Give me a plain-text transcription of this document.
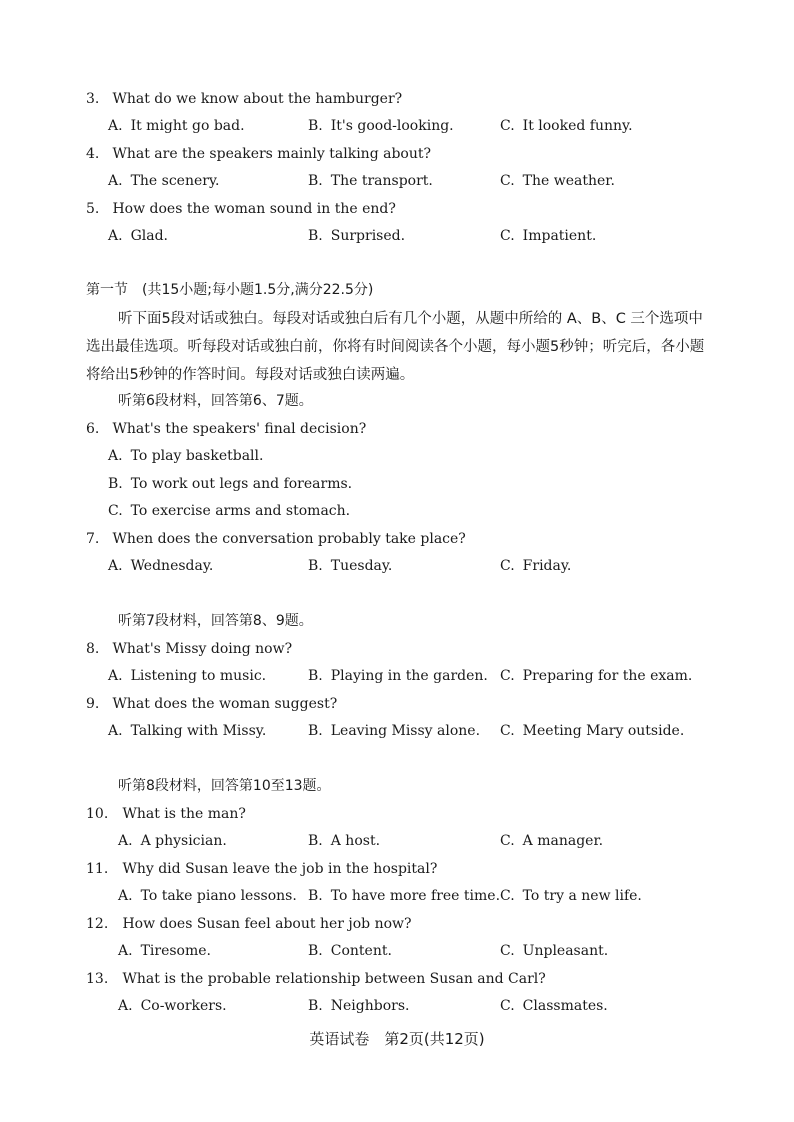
3. What do we know about the hamburger?
A. It might go bad.	B. It's good-looking.	C. It looked funny.
4. What are the speakers mainly talking about?
A. The scenery.	B. The transport.	C. The weather.
5. How does the woman sound in the end?
A. Glad.	B. Surprised.	C. Impatient.
第一节　(共15小题;每小题1.5分,满分22.5分)
听下面5段对话或独白。每段对话或独白后有几个小题，从题中所给的 A、B、C 三个选项中选出最佳选项。听每段对话或独白前，你将有时间阅读各个小题，每小题5秒钟；听完后，各小题将给出5秒钟的作答时间。每段对话或独白读两遍。
听第6段材料，回答第6、7题。
6. What's the speakers' final decision?
A. To play basketball.
B. To work out legs and forearms.
C. To exercise arms and stomach.
7. When does the conversation probably take place?
A. Wednesday.	B. Tuesday.	C. Friday.
听第7段材料，回答第8、9题。
8. What's Missy doing now?
A. Listening to music.	B. Playing in the garden. C. Preparing for the exam.
9. What does the woman suggest?
A. Talking with Missy.	B. Leaving Missy alone. C. Meeting Mary outside.
听第8段材料，回答第10至13题。
10. What is the man?
A. A physician.	B. A host.	C. A manager.
11. Why did Susan leave the job in the hospital?
A. To take piano lessons. B. To have more free time. C. To try a new life.
12. How does Susan feel about her job now?
A. Tiresome.	B. Content.	C. Unpleasant.
13. What is the probable relationship between Susan and Carl?
A. Co-workers.	B. Neighbors.	C. Classmates.
英语试卷　第2页(共12页)
